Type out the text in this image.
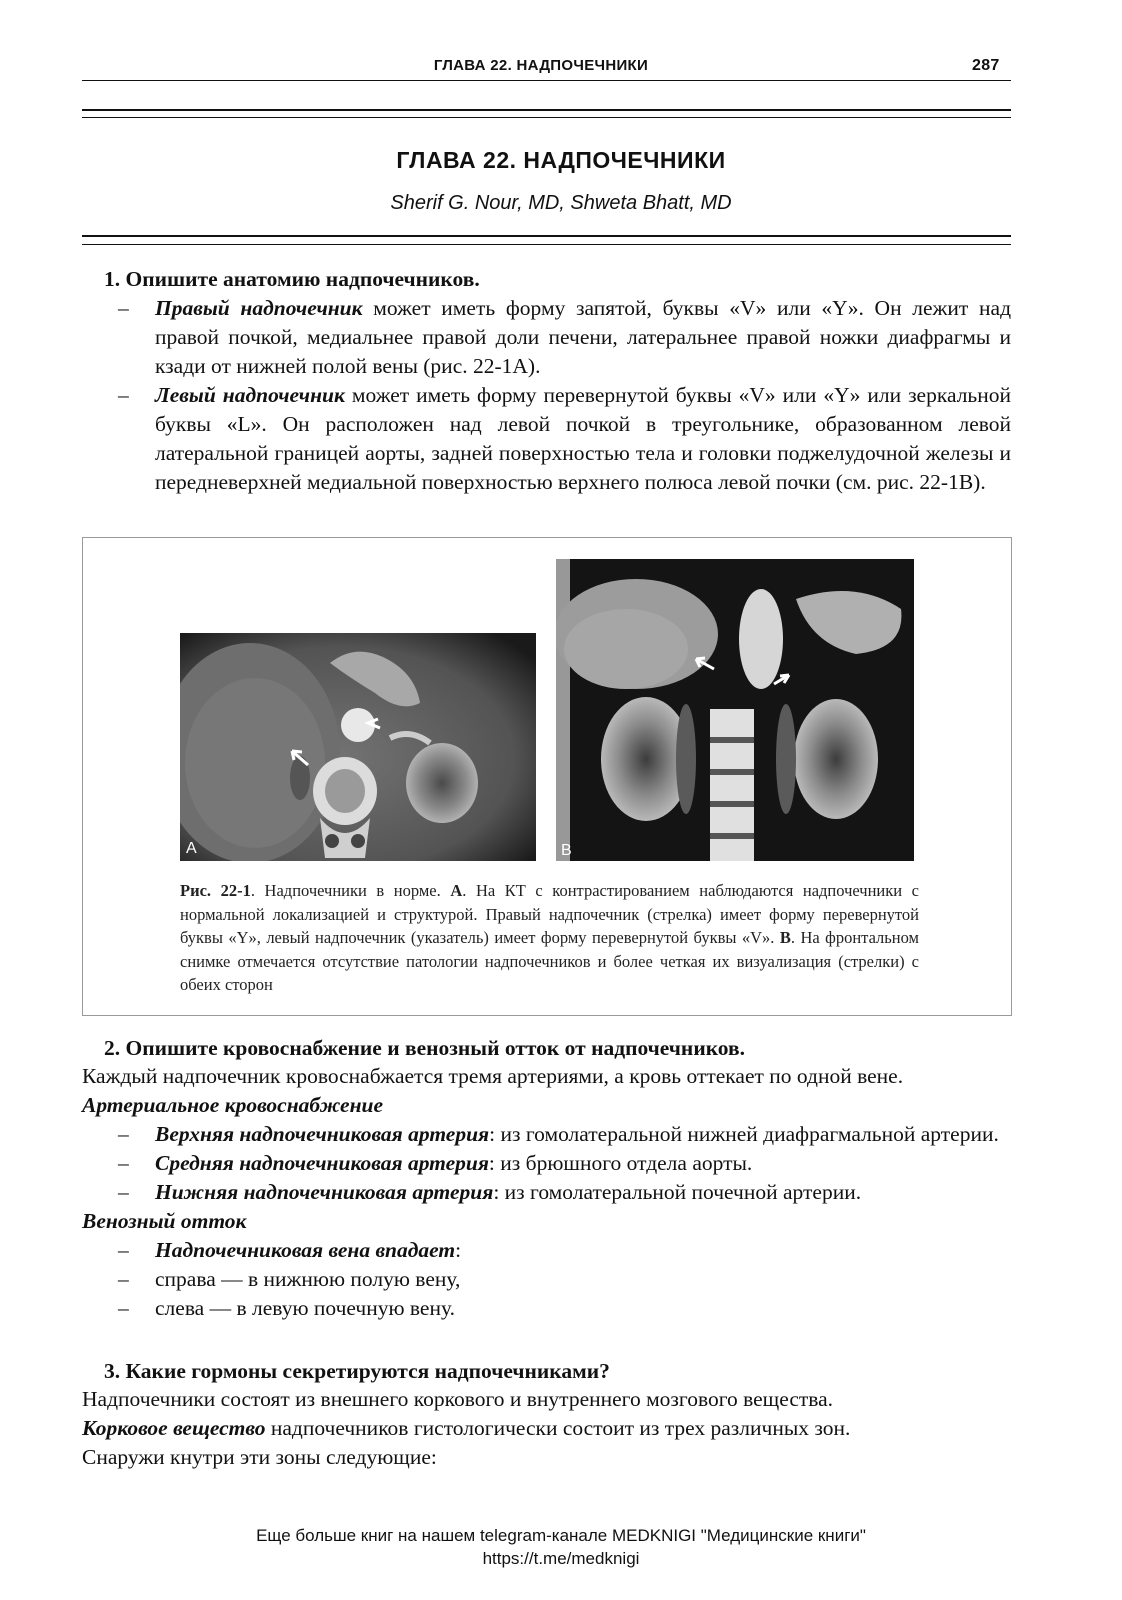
ГЛАВА 22. НАДПОЧЕЧНИКИ	287
ГЛАВА 22. НАДПОЧЕЧНИКИ
Sherif G. Nour, MD, Shweta Bhatt, MD
1. Опишите анатомию надпочечников.
– Правый надпочечник может иметь форму запятой, буквы «V» или «Y». Он лежит над правой почкой, медиальнее правой доли печени, латеральнее правой ножки диафрагмы и кзади от нижней полой вены (рис. 22-1A).
– Левый надпочечник может иметь форму перевернутой буквы «V» или «Y» или зеркальной буквы «L». Он расположен над левой почкой в треугольнике, образованном левой латеральной границей аорты, задней поверхностью тела и головки поджелудочной железы и передневерхней медиальной поверхностью верхнего полюса левой почки (см. рис. 22-1B).
A	B
Рис. 22-1. Надпочечники в норме. A. На КТ с контрастированием наблюдаются надпочечники с нормальной локализацией и структурой. Правый надпочечник (стрелка) имеет форму перевернутой буквы «Y», левый надпочечник (указатель) имеет форму перевернутой буквы «V». B. На фронтальном снимке отмечается отсутствие патологии надпочечников и более четкая их визуализация (стрелки) с обеих сторон
2. Опишите кровоснабжение и венозный отток от надпочечников.
Каждый надпочечник кровоснабжается тремя артериями, а кровь оттекает по одной вене.
Артериальное кровоснабжение
– Верхняя надпочечниковая артерия: из гомолатеральной нижней диафрагмальной артерии.
– Средняя надпочечниковая артерия: из брюшного отдела аорты.
– Нижняя надпочечниковая артерия: из гомолатеральной почечной артерии.
Венозный отток
– Надпочечниковая вена впадает:
– справа — в нижнюю полую вену,
– слева — в левую почечную вену.
3. Какие гормоны секретируются надпочечниками?
Надпочечники состоят из внешнего коркового и внутреннего мозгового вещества.
Корковое вещество надпочечников гистологически состоит из трех различных зон.
Снаружи кнутри эти зоны следующие:
Еще больше книг на нашем telegram-канале MEDKNIGI "Медицинские книги"
https://t.me/medknigi
